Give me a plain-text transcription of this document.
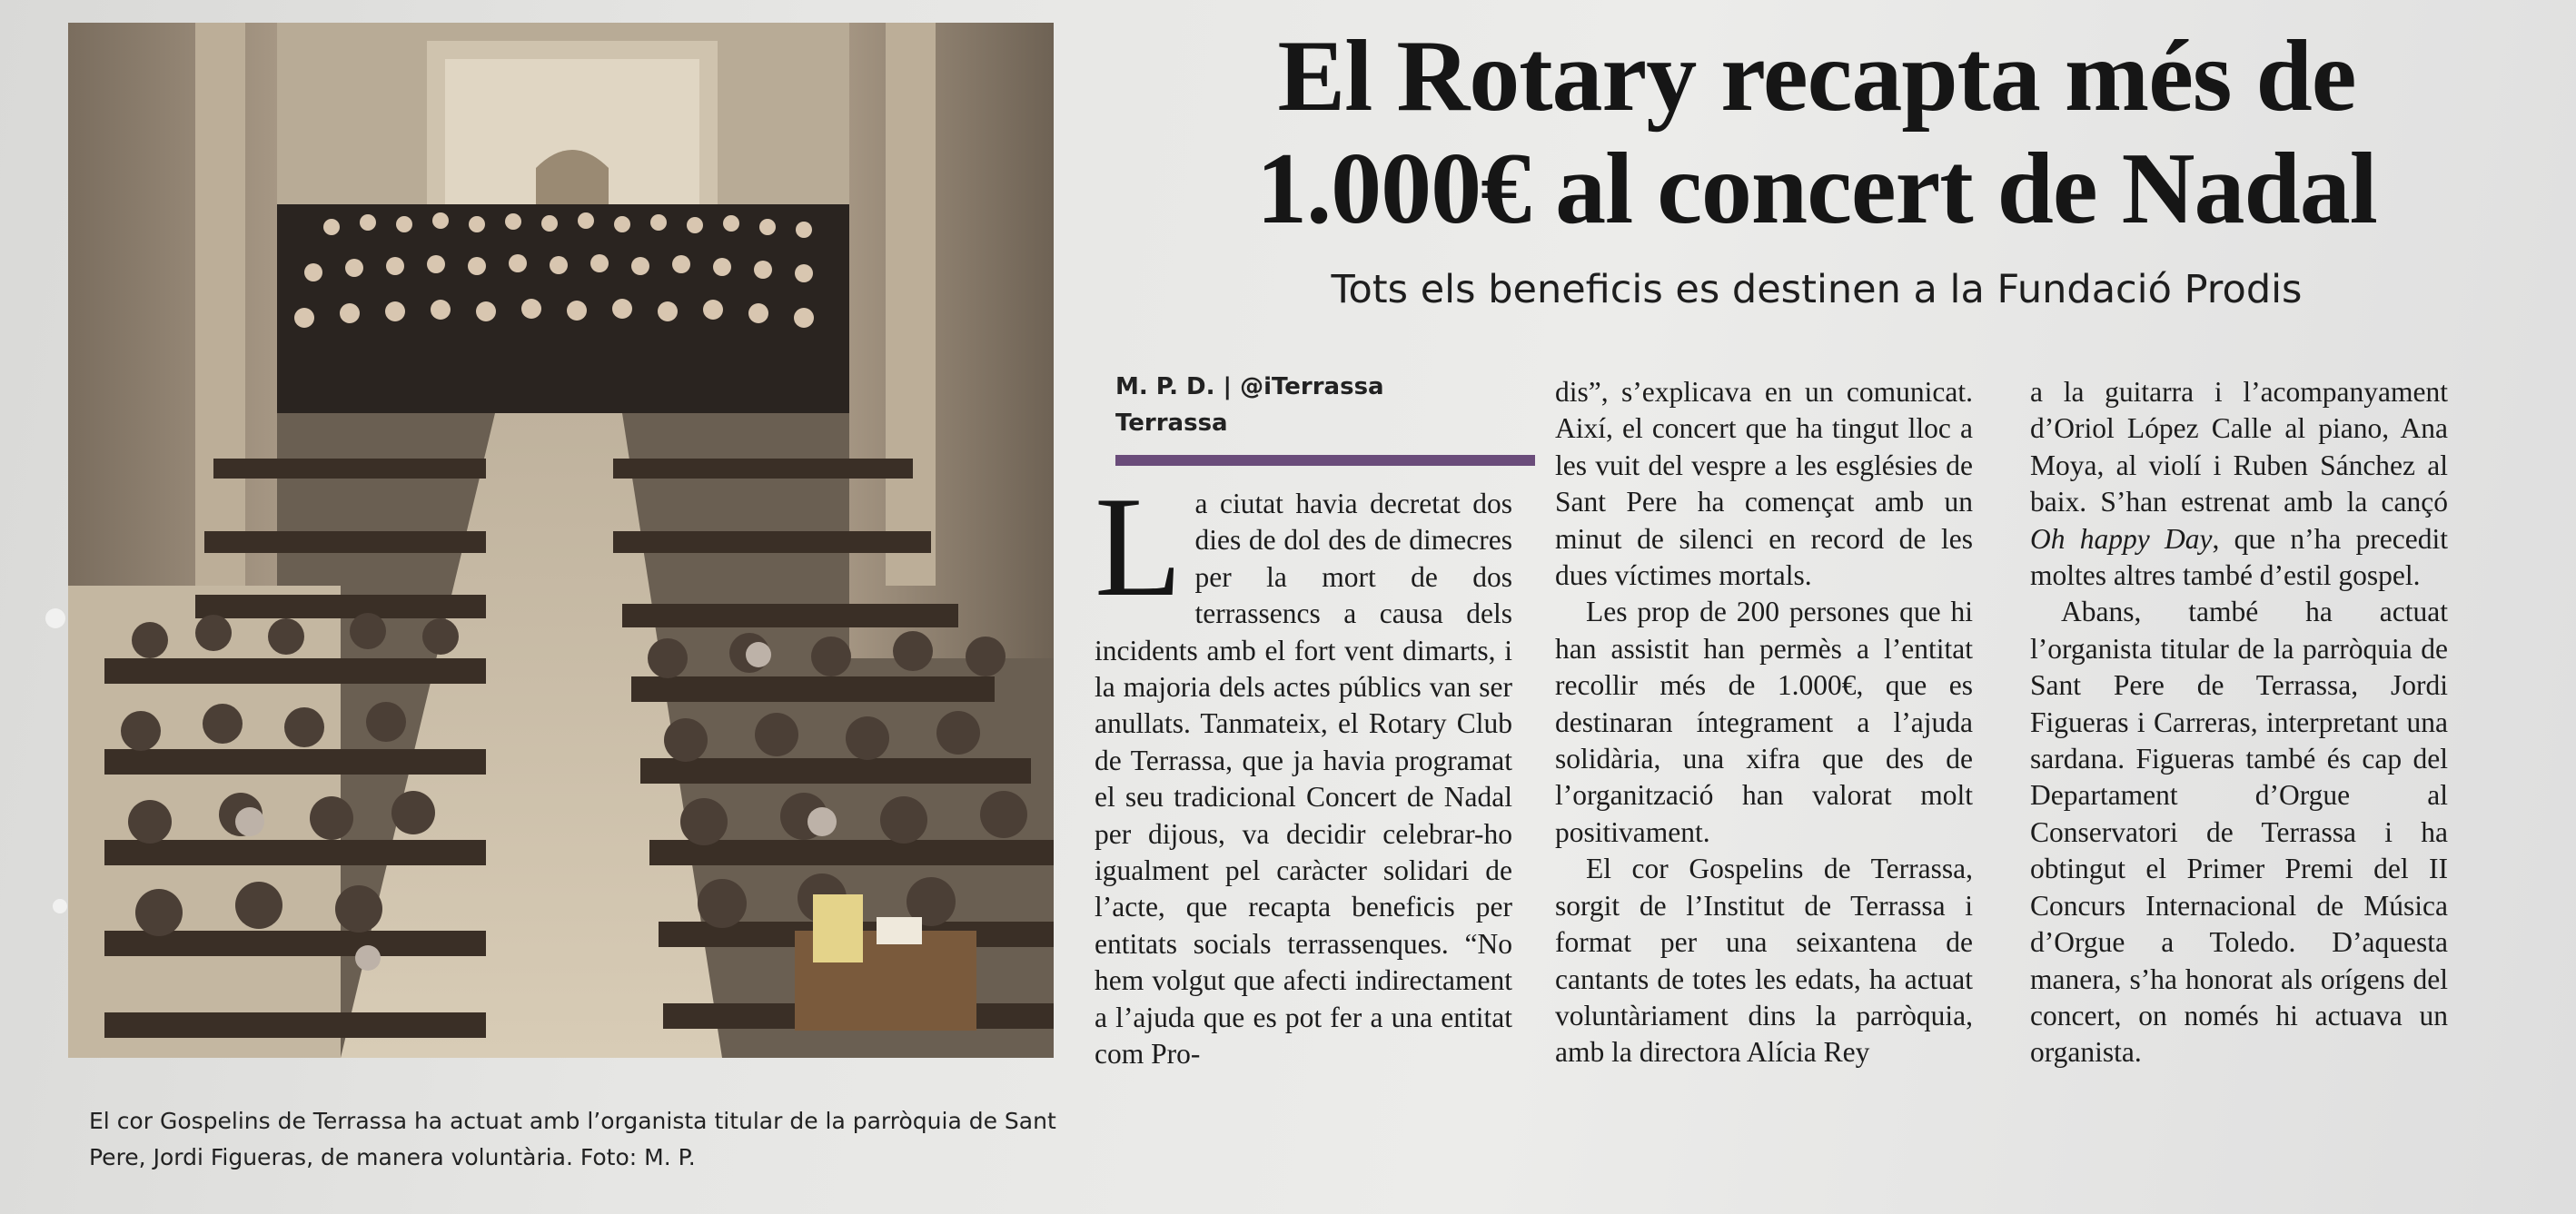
El cor Gospelins de Terrassa ha actuat amb l’organista titular de la parròquia de Sant Pere, Jordi Figueras, de manera voluntària. Foto: M. P.

El Rotary recapta més de
1.000€ al concert de Nadal
Tots els beneficis es destinen a la Fundació Prodis
M. P. D. | @iTerrassa
Terrassa

La ciutat havia decretat dos dies de dol des de dimecres per la mort de dos terrassencs a causa dels incidents amb el fort vent dimarts, i la majoria dels actes públics van ser anullats. Tanmateix, el Rotary Club de Terrassa, que ja havia programat el seu tradicional Concert de Nadal per dijous, va decidir celebrar-ho igualment pel caràcter solidari de l’acte, que recapta beneficis per entitats socials terrassenques. “No hem volgut que afecti indirectament a l’ajuda que es pot fer a una entitat com Pro-

dis”, s’explicava en un comunicat. Així, el concert que ha tingut lloc a les vuit del vespre a les esglésies de Sant Pere ha començat amb un minut de silenci en record de les dues víctimes mortals.

Les prop de 200 persones que hi han assistit han permès a l’entitat recollir més de 1.000€, que es destinaran íntegrament a l’ajuda solidària, una xifra que des de l’organització han valorat molt positivament.

El cor Gospelins de Terrassa, sorgit de l’Institut de Terrassa i format per una seixantena de cantants de totes les edats, ha actuat voluntàriament dins la parròquia, amb la directora Alícia Rey

a la guitarra i l’acompanyament d’Oriol López Calle al piano, Ana Moya, al violí i Ruben Sánchez al baix. S’han estrenat amb la cançó Oh happy Day, que n’ha precedit moltes altres també d’estil gospel.

Abans, també ha actuat l’organista titular de la parròquia de Sant Pere de Terrassa, Jordi Figueras i Carreras, interpretant una sardana. Figueras també és cap del Departament d’Orgue al Conservatori de Terrassa i ha obtingut el Primer Premi del II Concurs Internacional de Música d’Orgue a Toledo. D’aquesta manera, s’ha honorat als orígens del concert, on només hi actuava un organista.
